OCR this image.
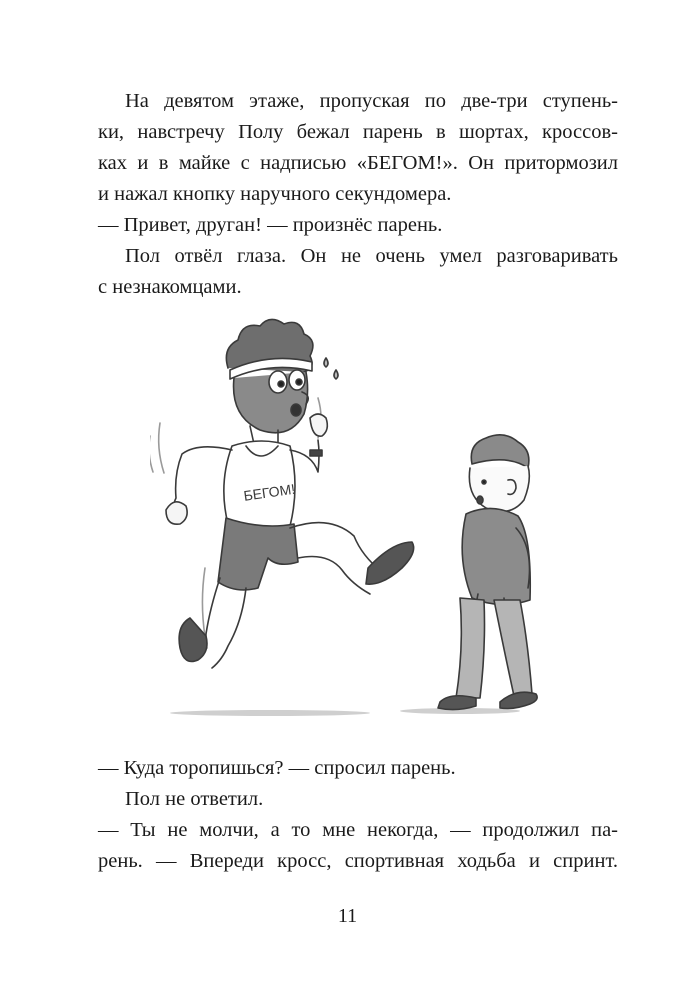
На девятом этаже, пропуская по две-три ступень-
ки, навстречу Полу бежал парень в шортах, кроссов-
ках и в майке с надписью «БЕГОМ!». Он притормозил
и нажал кнопку наручного секундомера.
— Привет, друган! — произнёс парень.
Пол отвёл глаза. Он не очень умел разговаривать
с незнакомцами.
БЕГОМ!
— Куда торопишься? — спросил парень.
Пол не ответил.
— Ты не молчи, а то мне некогда, — продолжил па-
рень. — Впереди кросс, спортивная ходьба и спринт.
11
